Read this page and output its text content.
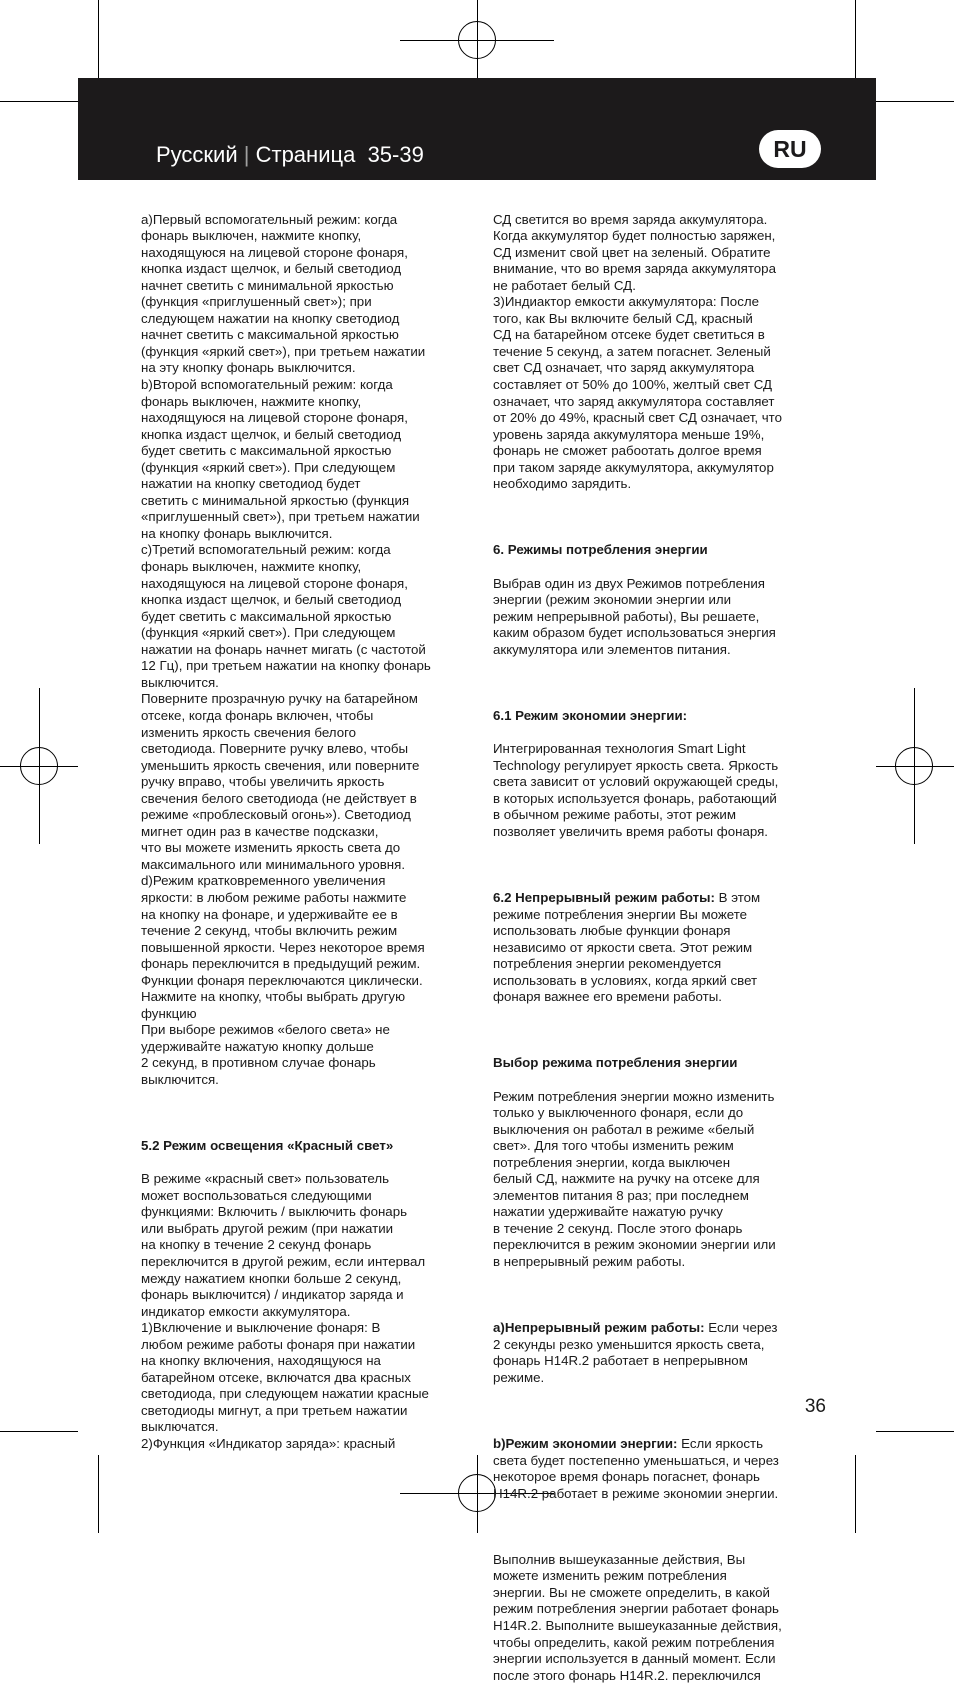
Русский | Страница 35-39	RU

a)Первый вспомогательный режим: когда
фонарь выключен, нажмите кнопку,
находящуюся на лицевой стороне фонаря,
кнопка издаст щелчок, и белый светодиод
начнет светить с минимальной яркостью
(функция «приглушенный свет»); при
следующем нажатии на кнопку светодиод
начнет светить с максимальной яркостью
(функция «яркий свет»), при третьем нажатии
на эту кнопку фонарь выключится.
b)Второй вспомогательный режим: когда
фонарь выключен, нажмите кнопку,
находящуюся на лицевой стороне фонаря,
кнопка издаст щелчок, и белый светодиод
будет светить с максимальной яркостью
(функция «яркий свет»). При следующем
нажатии на кнопку светодиод будет
светить с минимальной яркостью (функция
«приглушенный свет»), при третьем нажатии
на кнопку фонарь выключится.
c)Третий вспомогательный режим: когда
фонарь выключен, нажмите кнопку,
находящуюся на лицевой стороне фонаря,
кнопка издаст щелчок, и белый светодиод
будет светить с максимальной яркостью
(функция «яркий свет»). При следующем
нажатии на фонарь начнет мигать (с частотой
12 Гц), при третьем нажатии на кнопку фонарь
выключится.
Поверните прозрачную ручку на батарейном
отсеке, когда фонарь включен, чтобы
изменить яркость свечения белого
светодиода. Поверните ручку влево, чтобы
уменьшить яркость свечения, или поверните
ручку вправо, чтобы увеличить яркость
свечения белого светодиода (не действует в
режиме «проблесковый огонь»). Светодиод
мигнет один раз в качестве подсказки,
что вы можете изменить яркость света до
максимального или минимального уровня.
d)Режим кратковременного увеличения
яркости: в любом режиме работы нажмите
на кнопку на фонаре, и удерживайте ее в
течение 2 секунд, чтобы включить режим
повышенной яркости. Через некоторое время
фонарь переключится в предыдущий режим.
Функции фонаря переключаются циклически.
Нажмите на кнопку, чтобы выбрать другую
функцию
При выборе режимов «белого света» не
удерживайте нажатую кнопку дольше
2 секунд, в противном случае фонарь
выключится.

5.2 Режим освещения «Красный свет»

В режиме «красный свет» пользователь
может воспользоваться следующими
функциями: Включить / выключить фонарь
или выбрать другой режим (при нажатии
на кнопку в течение 2 секунд фонарь
переключится в другой режим, если интервал
между нажатием кнопки больше 2 секунд,
фонарь выключится) / индикатор заряда и
индикатор емкости аккумулятора.
1)Включение и выключение фонаря: В
любом режиме работы фонаря при нажатии
на кнопку включения, находящуюся на
батарейном отсеке, включатся два красных
светодиода, при следующем нажатии красные
светодиоды мигнут, а при третьем нажатии
выключатся.
2)Функция «Индикатор заряда»: красный

СД светится во время заряда аккумулятора.
Когда аккумулятор будет полностью заряжен,
СД изменит свой цвет на зеленый. Обратите
внимание, что во время заряда аккумулятора
не работает белый СД.
3)Индиактор емкости аккумулятора: После
того, как Вы включите белый СД, красный
СД на батарейном отсеке будет светиться в
течение 5 секунд, а затем погаснет. Зеленый
свет СД означает, что заряд аккумулятора
составляет от 50% до 100%, желтый свет СД
означает, что заряд аккумулятора составляет
от 20% до 49%, красный свет СД означает, что
уровень заряда аккумулятора меньше 19%,
фонарь не сможет рабоотать долгое время
при таком заряде аккумулятора, аккумулятор
необходимо зарядить.

6. Режимы потребления энергии

Выбрав один из двух Режимов потребления
энергии (режим экономии энергии или
режим непрерывной работы), Вы решаете,
каким образом будет использоваться энергия
аккумулятора или элементов питания.

6.1 Режим экономии энергии:

Интегрированная технология Smart Light
Technology регулирует яркость света. Яркость
света зависит от условий окружающей среды,
в которых используется фонарь, работающий
в обычном режиме работы, этот режим
позволяет увеличить время работы фонаря.

6.2 Непрерывный режим работы: В этом
режиме потребления энергии Вы можете
использовать любые функции фонаря
независимо от яркости света. Этот режим
потребления энергии рекомендуется
использовать в условиях, когда яркий свет
фонаря важнее его времени работы.

Выбор режима потребления энергии

Режим потребления энергии можно изменить
только у выключенного фонаря, если до
выключения он работал в режиме «белый
свет». Для того чтобы изменить режим
потребления энергии, когда выключен
белый СД, нажмите на ручку на отсеке для
элементов питания 8 раз; при последнем
нажатии удерживайте нажатую ручку
в течение 2 секунд. После этого фонарь
переключится в режим экономии энергии или
в непрерывный режим работы.

a)Непрерывный режим работы: Если через
2 секунды резко уменьшится яркость света,
фонарь H14R.2 работает в непрерывном
режиме.

b)Режим экономии энергии: Если яркость
света будет постепенно уменьшаться, и через
некоторое время фонарь погаснет, фонарь
H14R.2 работает в режиме экономии энергии.

Выполнив вышеуказанные действия, Вы
можете изменить режим потребления
энергии. Вы не сможете определить, в какой
режим потребления энергии работает фонарь
H14R.2. Выполните вышеуказанные действия,
чтобы определить, какой режим потребления
энергии используется в данный момент. Если
после этого фонарь H14R.2. переключился

36
